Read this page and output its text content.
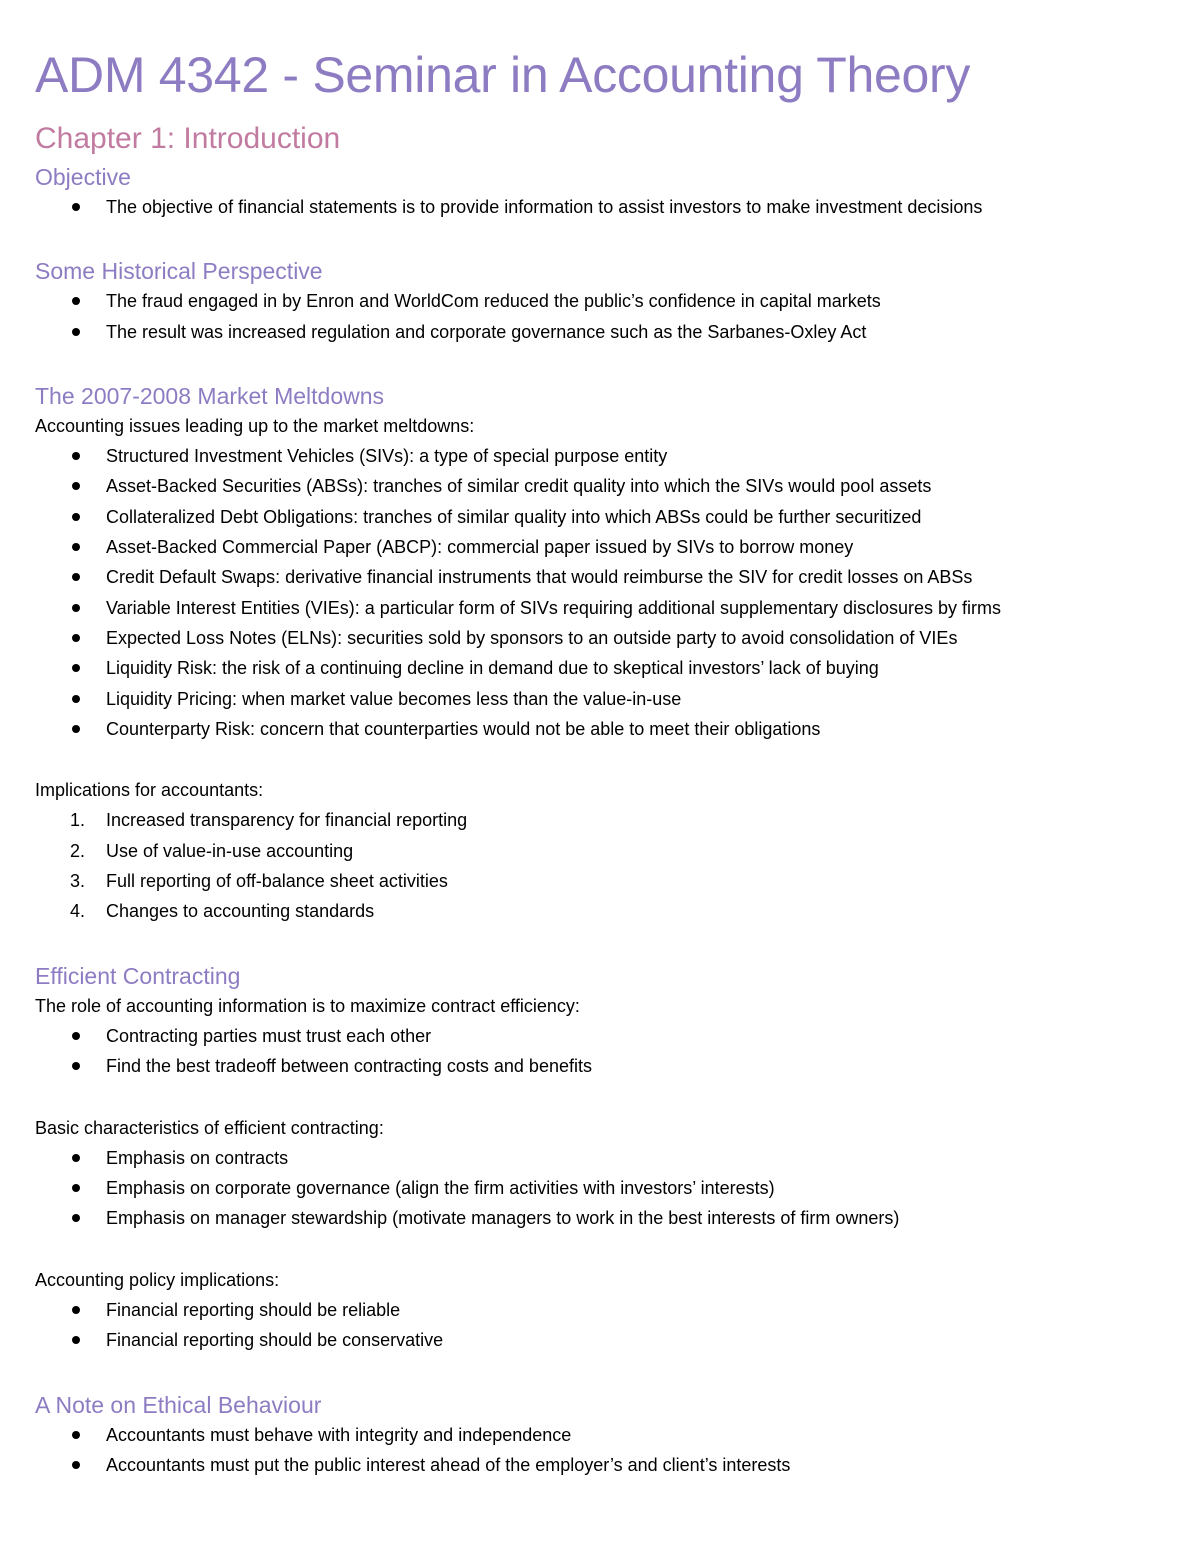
ADM 4342 - Seminar in Accounting Theory
Chapter 1: Introduction
Objective
The objective of financial statements is to provide information to assist investors to make investment decisions
Some Historical Perspective
The fraud engaged in by Enron and WorldCom reduced the public’s confidence in capital markets
The result was increased regulation and corporate governance such as the Sarbanes-Oxley Act
The 2007-2008 Market Meltdowns

Accounting issues leading up to the market meltdowns:

Structured Investment Vehicles (SIVs): a type of special purpose entity
Asset-Backed Securities (ABSs): tranches of similar credit quality into which the SIVs would pool assets
Collateralized Debt Obligations: tranches of similar quality into which ABSs could be further securitized
Asset-Backed Commercial Paper (ABCP): commercial paper issued by SIVs to borrow money
Credit Default Swaps: derivative financial instruments that would reimburse the SIV for credit losses on ABSs
Variable Interest Entities (VIEs): a particular form of SIVs requiring additional supplementary disclosures by firms
Expected Loss Notes (ELNs): securities sold by sponsors to an outside party to avoid consolidation of VIEs
Liquidity Risk: the risk of a continuing decline in demand due to skeptical investors’ lack of buying
Liquidity Pricing: when market value becomes less than the value-in-use
Counterparty Risk: concern that counterparties would not be able to meet their obligations

Implications for accountants:

1.	Increased transparency for financial reporting
2.	Use of value-in-use accounting
3.	Full reporting of off-balance sheet activities
4.	Changes to accounting standards
Efficient Contracting

The role of accounting information is to maximize contract efficiency:

Contracting parties must trust each other
Find the best tradeoff between contracting costs and benefits

Basic characteristics of efficient contracting:

Emphasis on contracts
Emphasis on corporate governance (align the firm activities with investors’ interests)
Emphasis on manager stewardship (motivate managers to work in the best interests of firm owners)

Accounting policy implications:

Financial reporting should be reliable
Financial reporting should be conservative
A Note on Ethical Behaviour
Accountants must behave with integrity and independence
Accountants must put the public interest ahead of the employer’s and client’s interests
